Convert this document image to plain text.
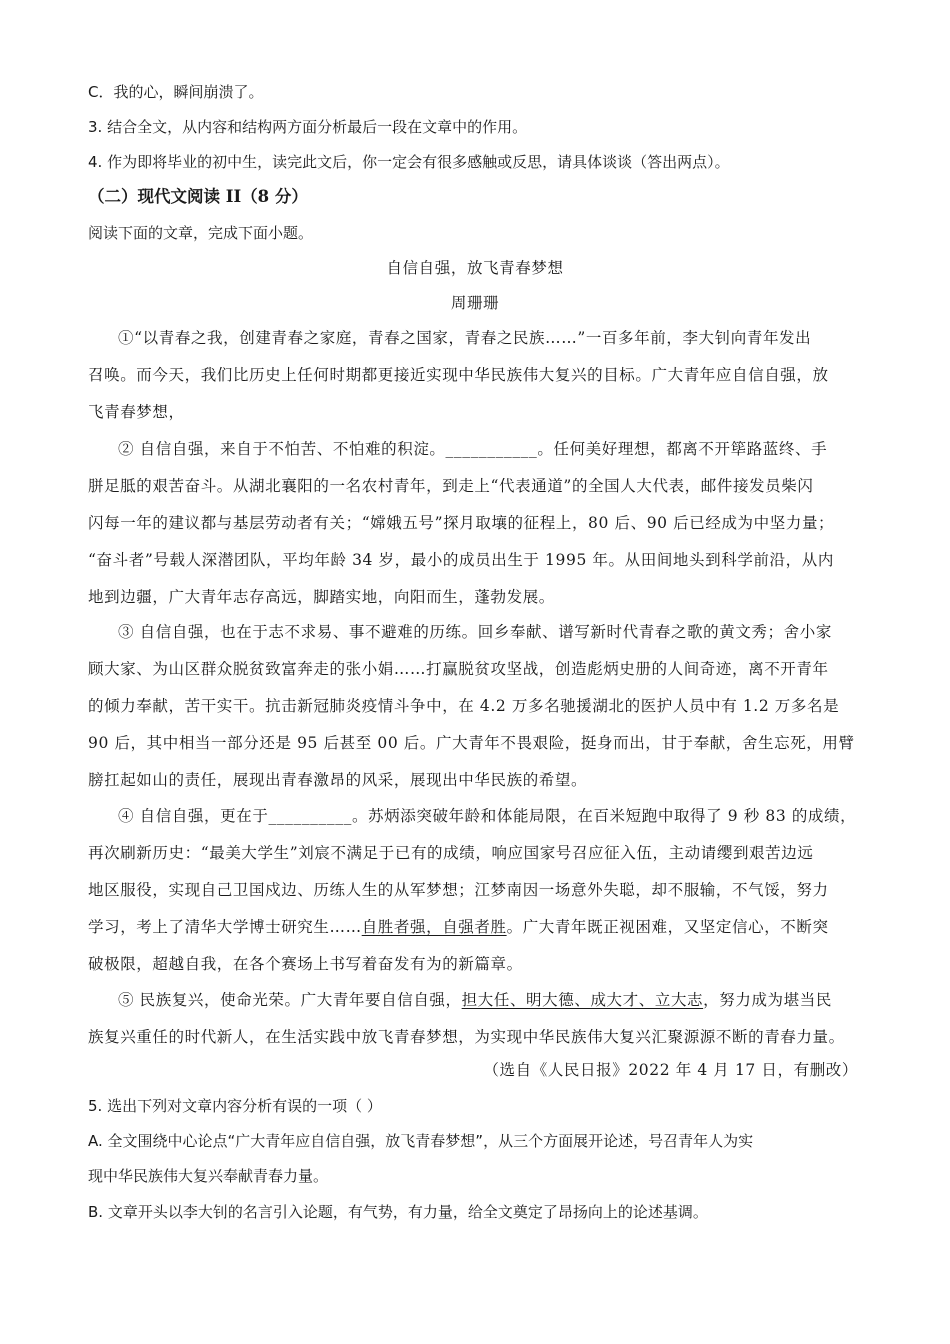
C．我的心，瞬间崩溃了。
3. 结合全文，从内容和结构两方面分析最后一段在文章中的作用。
4. 作为即将毕业的初中生，读完此文后，你一定会有很多感触或反思，请具体谈谈（答出两点）。
（二）现代文阅读 II（8 分）
阅读下面的文章，完成下面小题。
自信自强，放飞青春梦想
周珊珊
①“以青春之我，创建青春之家庭，青春之国家，青春之民族……”一百多年前，李大钊向青年发出
召唤。而今天，我们比历史上任何时期都更接近实现中华民族伟大复兴的目标。广大青年应自信自强，放
飞青春梦想，
② 自信自强，来自于不怕苦、不怕难的积淀。___________。任何美好理想，都离不开筚路蓝终、手
胼足胝的艰苦奋斗。从湖北襄阳的一名农村青年，到走上“代表通道”的全国人大代表，邮件接发员柴闪
闪每一年的建议都与基层劳动者有关；“嫦娥五号”探月取壤的征程上，80 后、90 后已经成为中坚力量；
“奋斗者”号载人深潜团队，平均年龄 34 岁，最小的成员出生于 1995 年。从田间地头到科学前沿，从内
地到边疆，广大青年志存高远，脚踏实地，向阳而生，蓬勃发展。
③ 自信自强，也在于志不求易、事不避难的历练。回乡奉献、谱写新时代青春之歌的黄文秀；舍小家
顾大家、为山区群众脱贫致富奔走的张小娟……打赢脱贫攻坚战，创造彪炳史册的人间奇迹，离不开青年
的倾力奉献，苦干实干。抗击新冠肺炎疫情斗争中，在 4.2 万多名驰援湖北的医护人员中有 1.2 万多名是
90 后，其中相当一部分还是 95 后甚至 00 后。广大青年不畏艰险，挺身而出，甘于奉献，舍生忘死，用臂
膀扛起如山的责任，展现出青春激昂的风采，展现出中华民族的希望。
④ 自信自强，更在于__________。苏炳添突破年龄和体能局限，在百米短跑中取得了 9 秒 83 的成绩，
再次刷新历史：“最美大学生”刘宸不满足于已有的成绩，响应国家号召应征入伍，主动请缨到艰苦边远
地区服役，实现自己卫国戍边、历练人生的从军梦想；江梦南因一场意外失聪，却不服输，不气馁，努力
学习，考上了清华大学博士研究生……自胜者强，自强者胜。广大青年既正视困难，又坚定信心，不断突
破极限，超越自我，在各个赛场上书写着奋发有为的新篇章。
⑤ 民族复兴，使命光荣。广大青年要自信自强，担大任、明大德、成大才、立大志，努力成为堪当民
族复兴重任的时代新人，在生活实践中放飞青春梦想，为实现中华民族伟大复兴汇聚源源不断的青春力量。
（选自《人民日报》2022 年 4 月 17 日，有删改）
5. 选出下列对文章内容分析有误的一项（ ）
A. 全文围绕中心论点“广大青年应自信自强，放飞青春梦想”，从三个方面展开论述，号召青年人为实
现中华民族伟大复兴奉献青春力量。
B. 文章开头以李大钊的名言引入论题，有气势，有力量，给全文奠定了昂扬向上的论述基调。
